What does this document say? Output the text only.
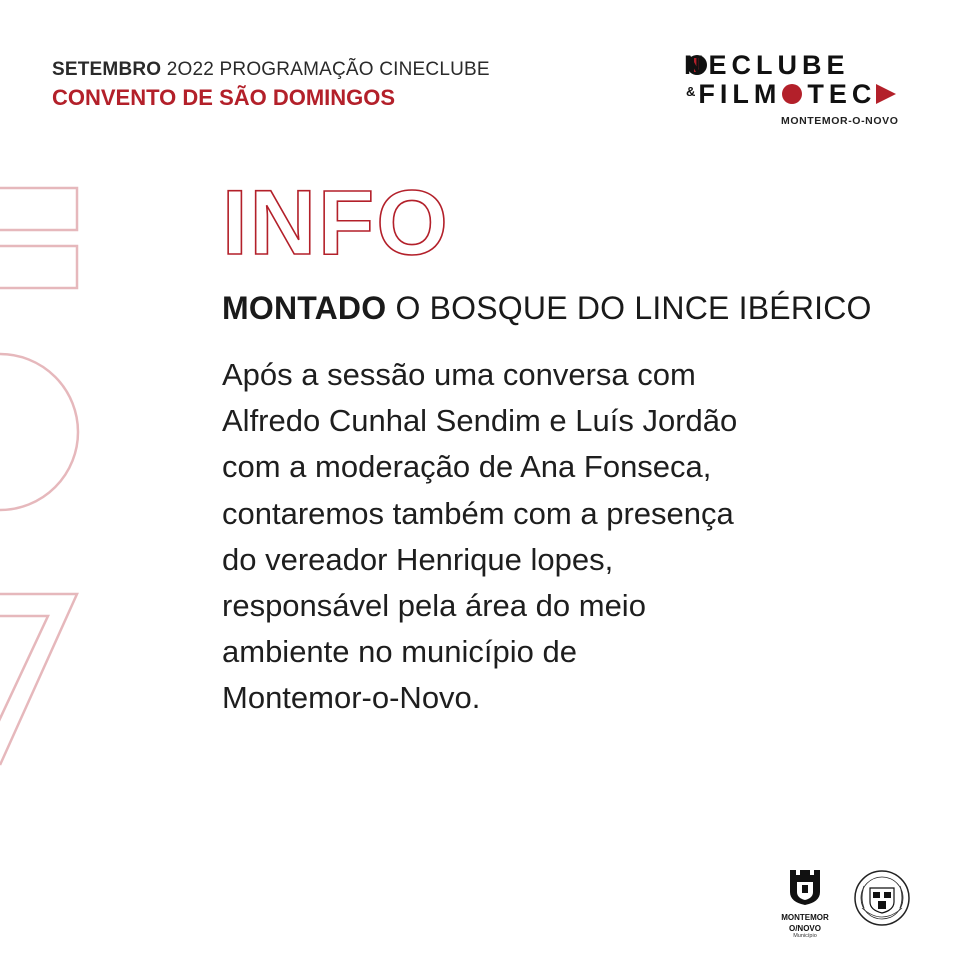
SETEMBRO 2O22 PROGRAMAÇÃO CINECLUBE
CONVENTO DE SÃO DOMINGOS
NECLUBE
& FILM TEC
MONTEMOR-O-NOVO
INFO
MONTADO O BOSQUE DO LINCE IBÉRICO
Após a sessão uma conversa com
Alfredo Cunhal Sendim e Luís Jordão
com a moderação de Ana Fonseca,
contaremos também com a presença
do vereador Henrique lopes,
responsável pela área do meio
ambiente no município de
Montemor-o-Novo.
MONTEMOR
O/NOVO
Município
